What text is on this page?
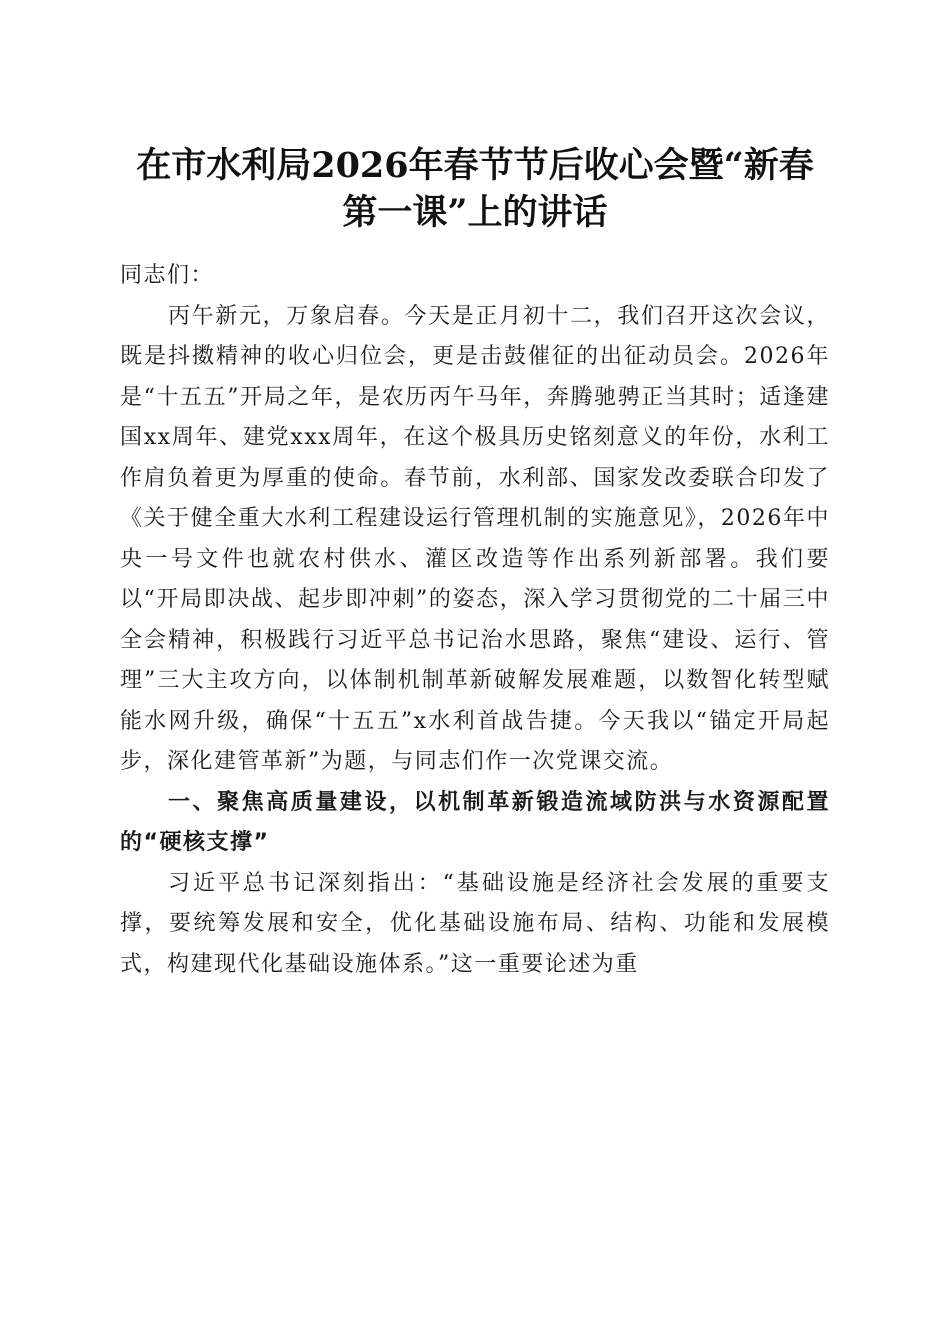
在市水利局2026年春节节后收心会暨“新春
第一课”上的讲话

同志们：

丙午新元，万象启春。今天是正月初十二，我们召开这次会议，既是抖擞精神的收心归位会，更是击鼓催征的出征动员会。2026年是“十五五”开局之年，是农历丙午马年，奔腾驰骋正当其时；适逢建国xx周年、建党xxx周年，在这个极具历史铭刻意义的年份，水利工作肩负着更为厚重的使命。春节前，水利部、国家发改委联合印发了《关于健全重大水利工程建设运行管理机制的实施意见》，2026年中央一号文件也就农村供水、灌区改造等作出系列新部署。我们要以“开局即决战、起步即冲刺”的姿态，深入学习贯彻党的二十届三中全会精神，积极践行习近平总书记治水思路，聚焦“建设、运行、管理”三大主攻方向，以体制机制革新破解发展难题，以数智化转型赋能水网升级，确保“十五五”x水利首战告捷。今天我以“锚定开局起步，深化建管革新”为题，与同志们作一次党课交流。

一、聚焦高质量建设，以机制革新锻造流域防洪与水资源配置的“硬核支撑”

习近平总书记深刻指出：“基础设施是经济社会发展的重要支撑，要统筹发展和安全，优化基础设施布局、结构、功能和发展模式，构建现代化基础设施体系。”这一重要论述为重
